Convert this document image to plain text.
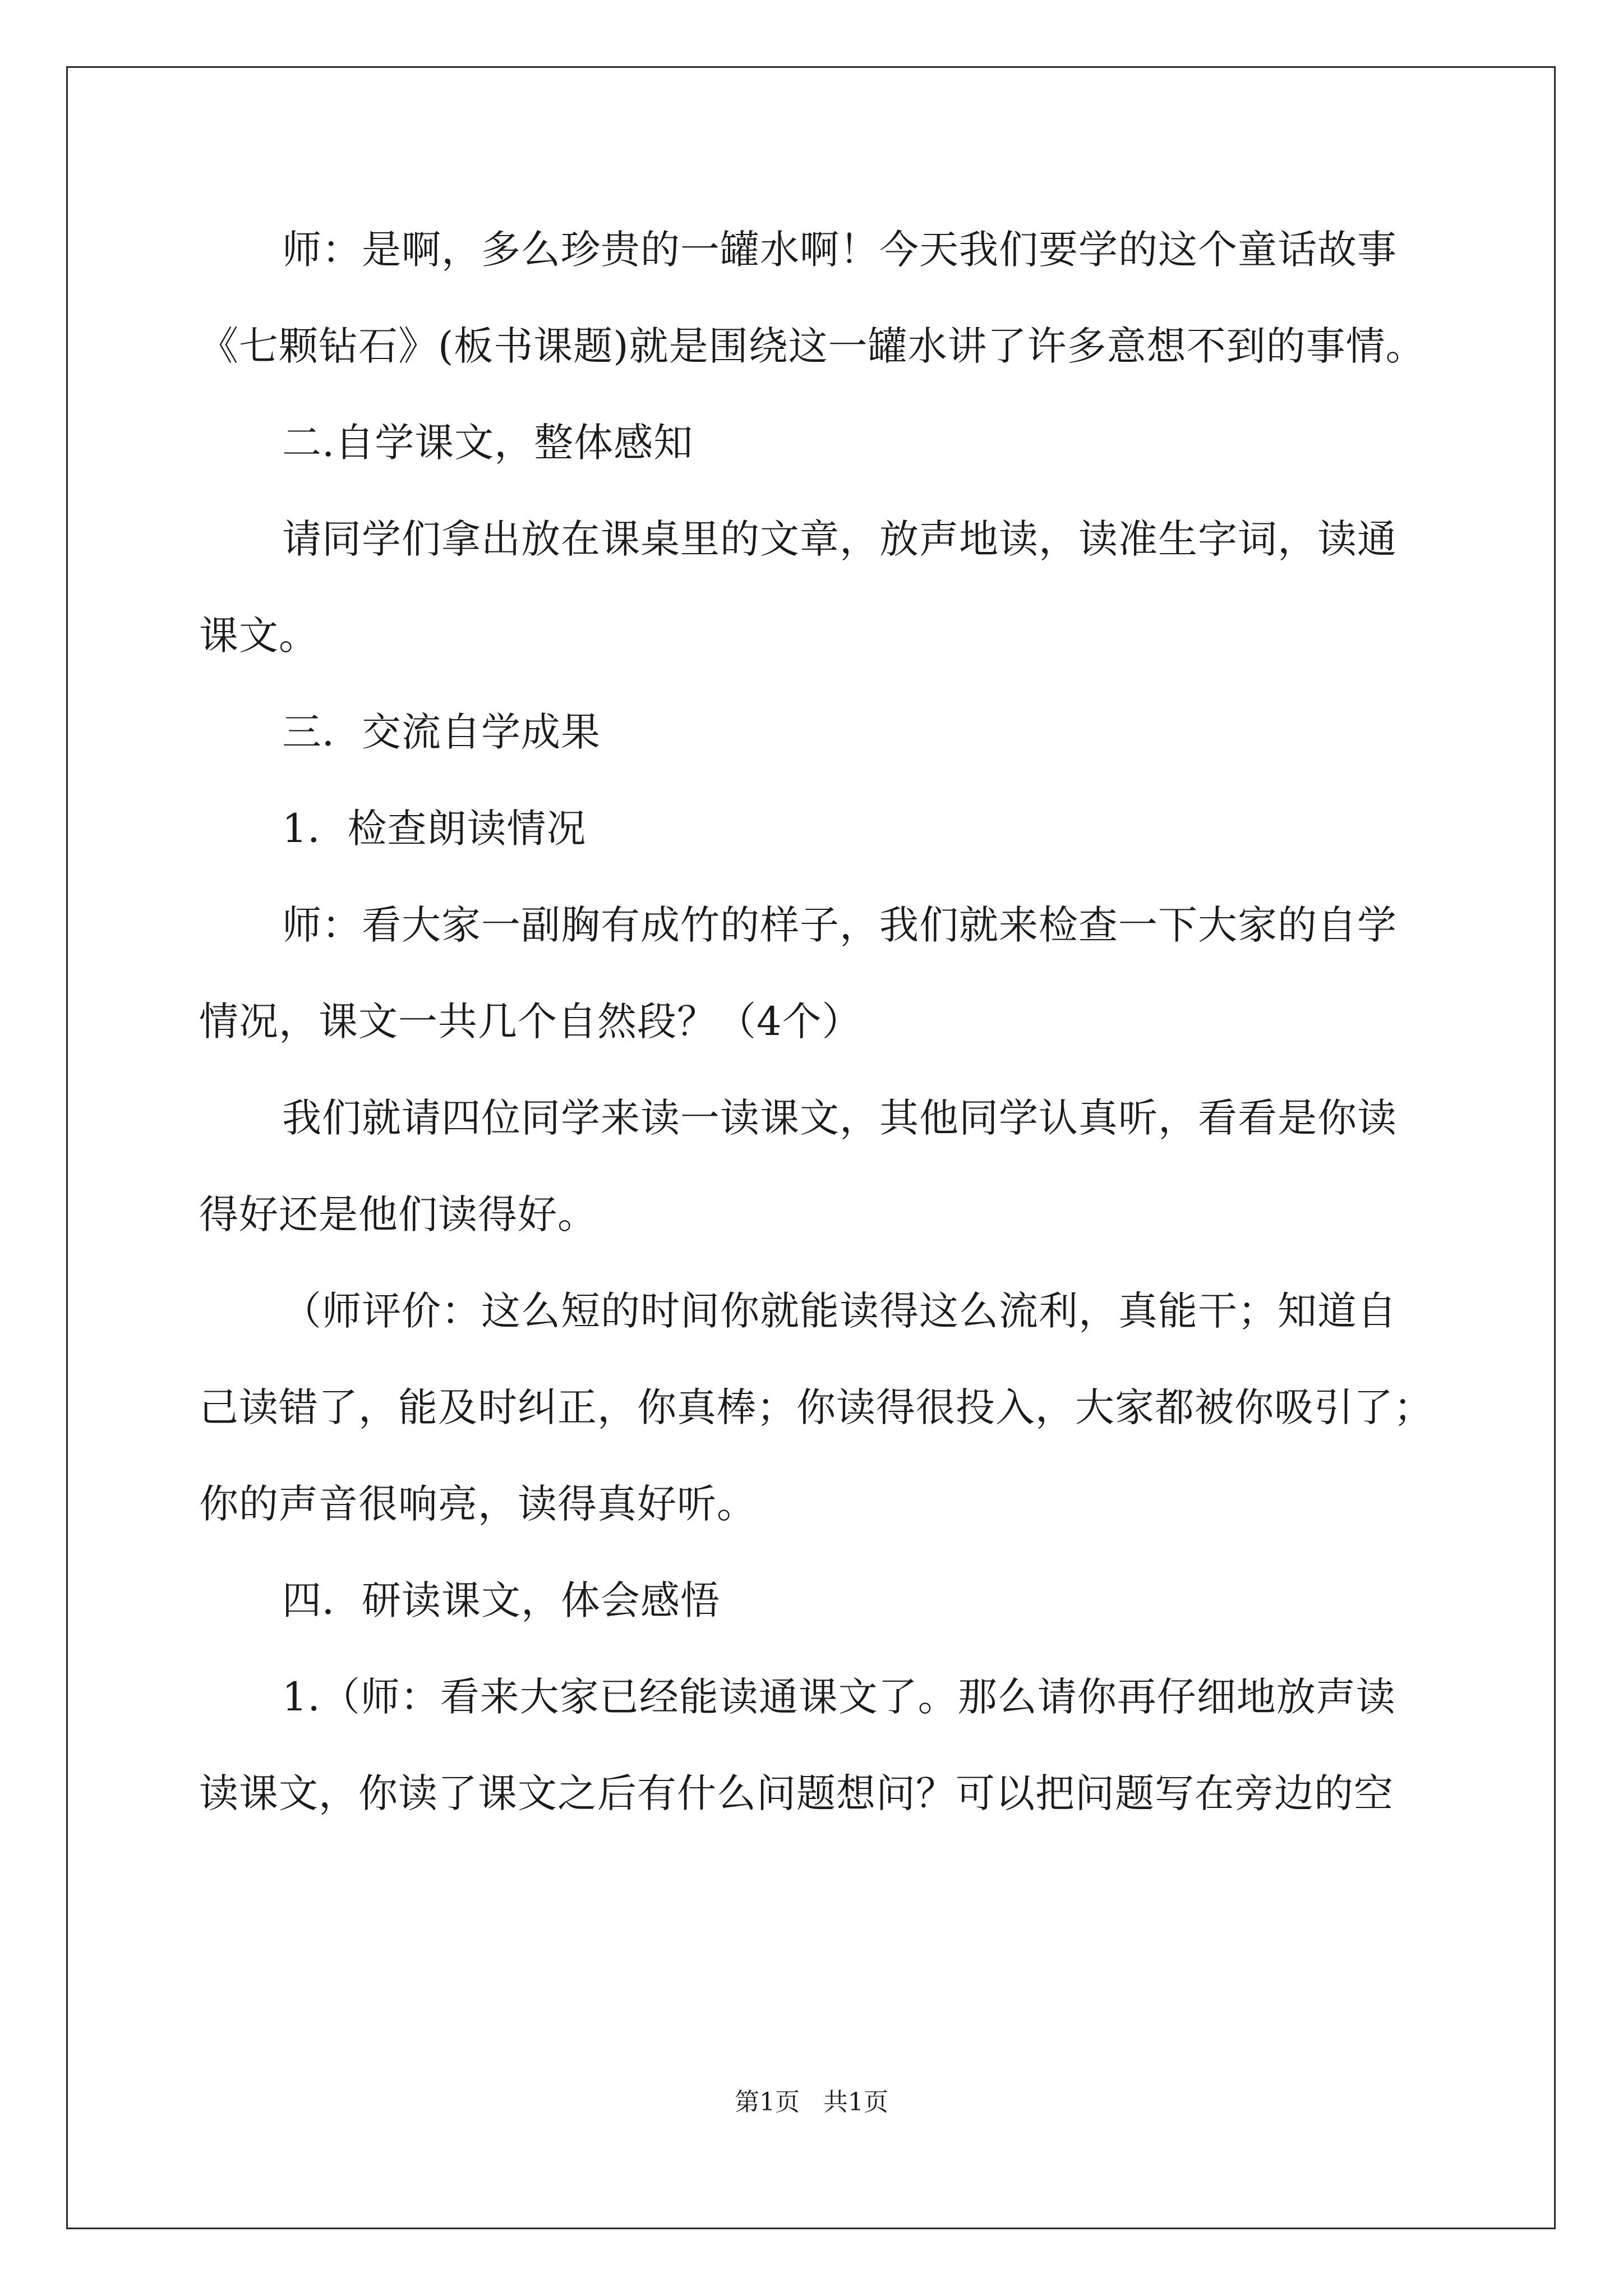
师：是啊，多么珍贵的一罐水啊！今天我们要学的这个童话故事
《七颗钻石》(板书课题)就是围绕这一罐水讲了许多意想不到的事情。
二.自学课文，整体感知
请同学们拿出放在课桌里的文章，放声地读，读准生字词，读通
课文。
三．交流自学成果
1．检查朗读情况
师：看大家一副胸有成竹的样子，我们就来检查一下大家的自学
情况，课文一共几个自然段？（4个）
我们就请四位同学来读一读课文，其他同学认真听，看看是你读
得好还是他们读得好。
（师评价：这么短的时间你就能读得这么流利，真能干；知道自
己读错了，能及时纠正，你真棒；你读得很投入，大家都被你吸引了；
你的声音很响亮，读得真好听。
四．研读课文，体会感悟
1.（师：看来大家已经能读通课文了。那么请你再仔细地放声读
读课文，你读了课文之后有什么问题想问？可以把问题写在旁边的空
第1页   共1页
